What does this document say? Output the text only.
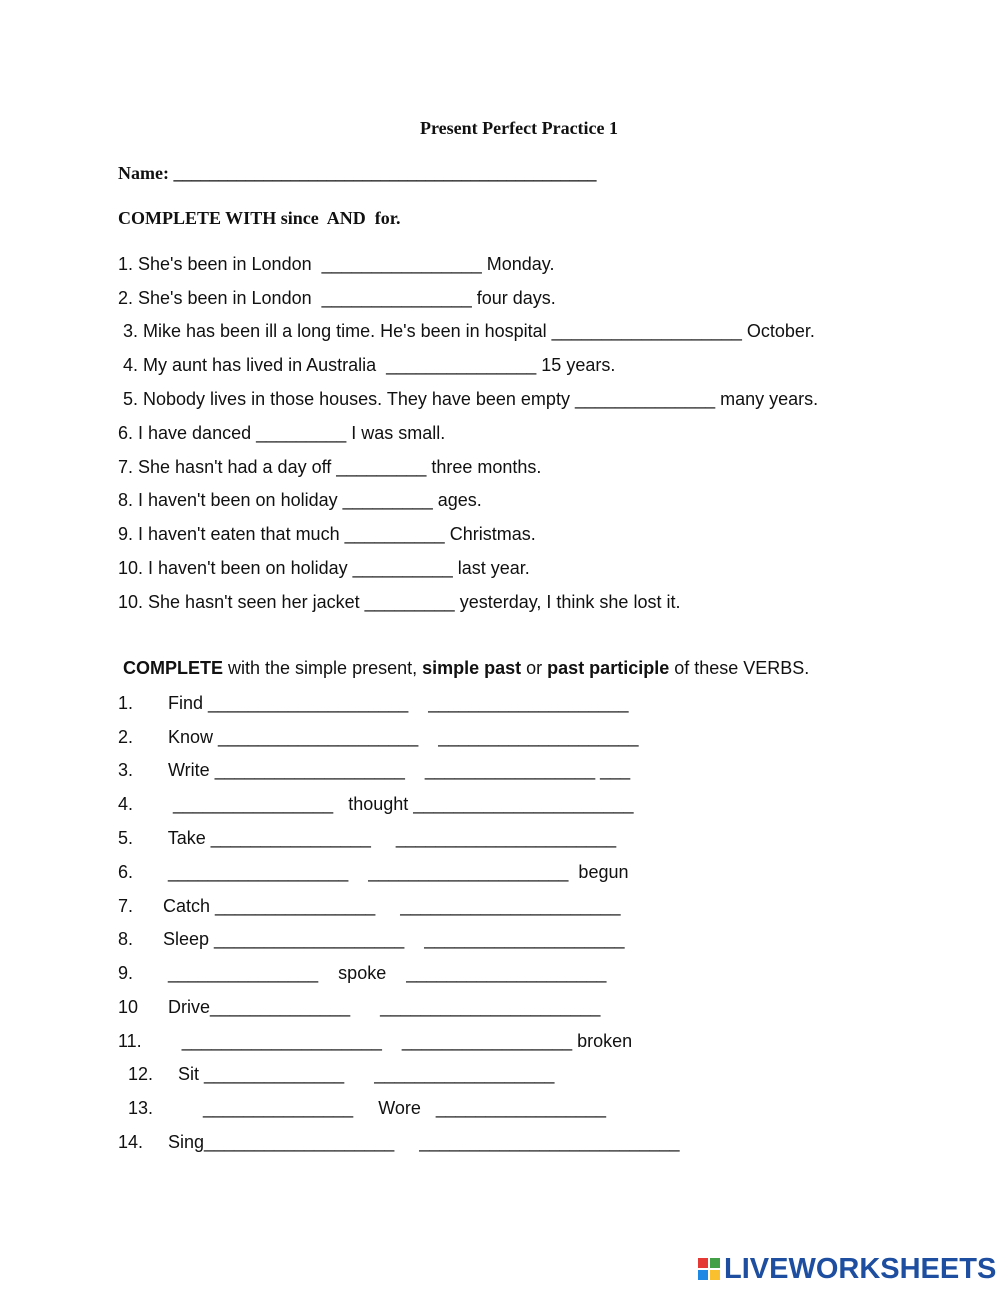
Present Perfect Practice 1
Name: _______________________________________________
COMPLETE WITH since  AND  for.
1. She's been in London  ________________ Monday.
2. She's been in London  _______________ four days.
3. Mike has been ill a long time. He's been in hospital ___________________ October.
4. My aunt has lived in Australia  _______________ 15 years.
5. Nobody lives in those houses. They have been empty ______________ many years.
6. I have danced _________ I was small.
7. She hasn't had a day off _________ three months.
8. I haven't been on holiday _________ ages.
9. I haven't eaten that much __________ Christmas.
10. I haven't been on holiday __________ last year.
10. She hasn't seen her jacket _________ yesterday, I think she lost it.
COMPLETE with the simple present, simple past or past participle of these VERBS.
1.       Find ____________________    ____________________
2.       Know ____________________    ____________________
3.       Write ___________________    _________________ ___
4.        ________________   thought ______________________
5.       Take ________________     ______________________
6.       __________________    ____________________  begun
7.      Catch ________________     ______________________
8.      Sleep ___________________    ____________________
9.       _______________    spoke    ____________________
10      Drive______________      ______________________
11.        ____________________    _________________ broken
12.     Sit ______________      __________________
13.          _______________     Wore   _________________
14.     Sing___________________     __________________________
LIVEWORKSHEETS
